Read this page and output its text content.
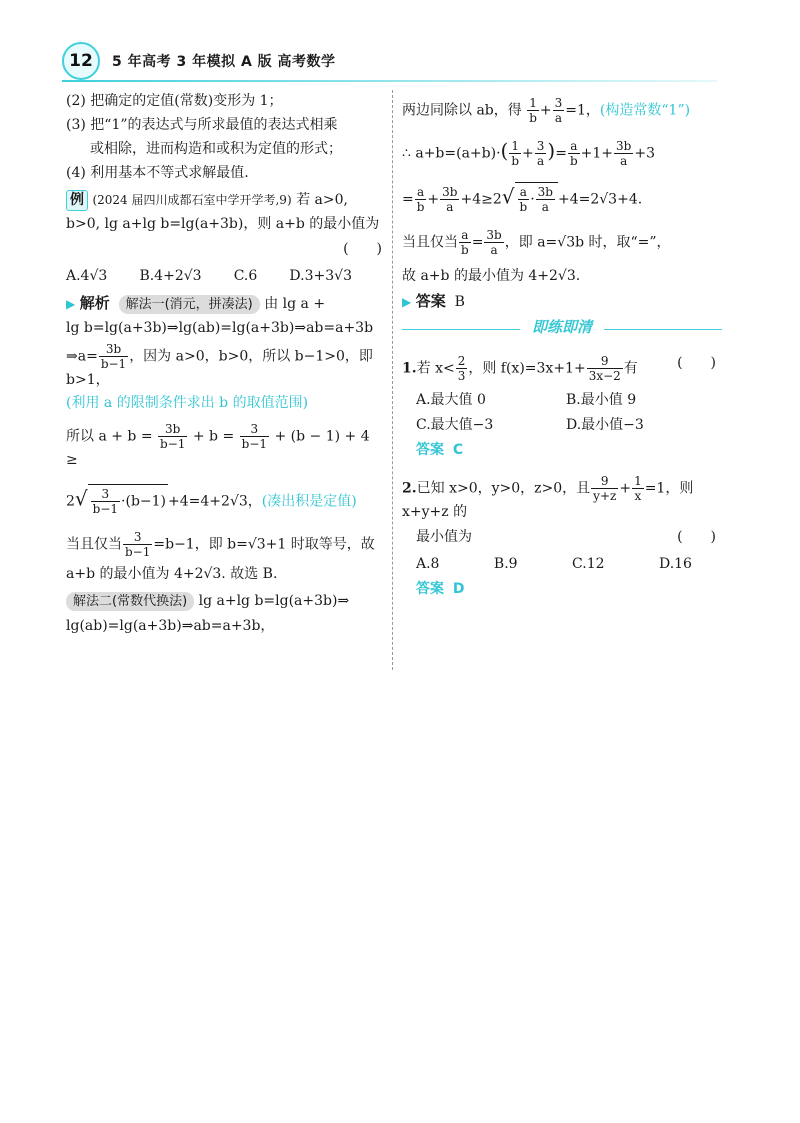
12	5 年高考 3 年模拟 A 版 高考数学

(2) 把确定的定值(常数)变形为 1；

(3) 把“1”的表达式与所求最值的表达式相乘

或相除，进而构造和或积为定值的形式；

(4) 利用基本不等式求解最值.

例 (2024 届四川成都石室中学开学考,9) 若 a>0,

b>0, lg a+lg b=lg(a+3b)，则 a+b 的最小值为

(　　)

A.4√3 B.4+2√3 C.6 D.3+3√3

▶ 解析 解法一(消元，拼凑法) 由 lg a +

lg b=lg(a+3b)⇒lg(ab)=lg(a+3b)⇒ab=a+3b

⇒a= $\frac{3b}{b-1}$ ，因为 a>0，b>0，所以 b−1>0，即 b>1，

(利用 a 的限制条件求出 b 的取值范围)

所以 $a + b = \frac{3b}{b-1} + b = \frac{3}{b-1} + (b - 1) + 4$ ≥

$2√ \frac{3}{b-1} \cdot(b-1) +4=4+2√3$，(凑出积是定值)

当且仅当 $\frac{3}{b-1} =b-1$，即 b=√3+1 时取等号，故

a+b 的最小值为 4+2√3. 故选 B.

解法二(常数代换法) lg a+lg b=lg(a+3b)⇒

lg(ab)=lg(a+3b)⇒ab=a+3b，

两边同除以 ab，得 $\frac{1}{b} + \frac{3}{a} =1$，(构造常数“1”)

∴ $a+b=(a+b)\cdot( \frac{1}{b} + \frac{3}{a}$ )= $\frac{a}{b} +1+ \frac{3b}{a} +3$

= $\frac{a}{b} + \frac{3b}{a} +4\ge 2√ \frac{a}{b} \cdot \frac{3b}{a} +4=2√3+4$.

当且仅当 $\frac{a}{b} = \frac{3b}{a}$ ，即 a=√3b 时，取“=”，

故 a+b 的最小值为 4+2√3.

▶ 答案 B

即练即清

1.若 $x< \frac{2}{3}$ ，则 $f(x)=3x+1+ \frac{9}{3x-2}$ 有	(　　)

A.最大值 0	B.最小值 9

C.最大值−3	D.最小值−3

答案 C

2.已知 x>0，y>0，z>0，且 $\frac{9}{y+z} + \frac{1}{x} =1$，则 x+y+z 的

最小值为	(　　)

A.8	B.9	C.12	D.16

答案 D
